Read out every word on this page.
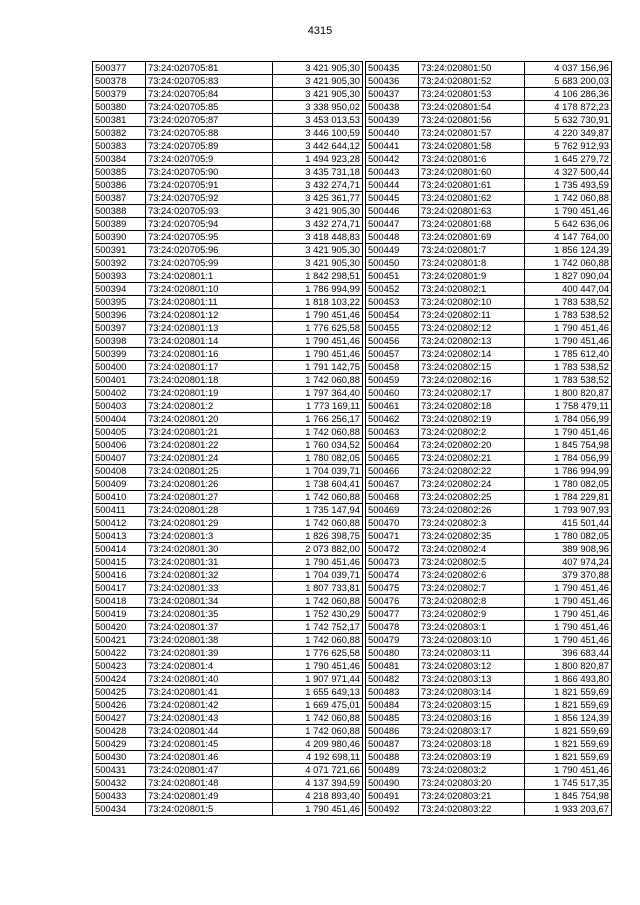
4315
500377	73:24:020705:81	3 421 905,30
500378	73:24:020705:83	3 421 905,30
500379	73:24:020705:84	3 421 905,30
500380	73:24:020705:85	3 338 950,02
500381	73:24:020705:87	3 453 013,53
500382	73:24:020705:88	3 446 100,59
500383	73:24:020705:89	3 442 644,12
500384	73:24:020705:9	1 494 923,28
500385	73:24:020705:90	3 435 731,18
500386	73:24:020705:91	3 432 274,71
500387	73:24:020705:92	3 425 361,77
500388	73:24:020705:93	3 421 905,30
500389	73:24:020705:94	3 432 274,71
500390	73:24:020705:95	3 418 448,83
500391	73:24:020705:96	3 421 905,30
500392	73:24:020705:99	3 421 905,30
500393	73:24:020801:1	1 842 298,51
500394	73:24:020801:10	1 786 994,99
500395	73:24:020801:11	1 818 103,22
500396	73:24:020801:12	1 790 451,46
500397	73:24:020801:13	1 776 625,58
500398	73:24:020801:14	1 790 451,46
500399	73:24:020801:16	1 790 451,46
500400	73:24:020801:17	1 791 142,75
500401	73:24:020801:18	1 742 060,88
500402	73:24:020801:19	1 797 364,40
500403	73:24:020801:2	1 773 169,11
500404	73:24:020801:20	1 766 256,17
500405	73:24:020801:21	1 742 060,88
500406	73:24:020801:22	1 760 034,52
500407	73:24:020801:24	1 780 082,05
500408	73:24:020801:25	1 704 039,71
500409	73:24:020801:26	1 738 604,41
500410	73:24:020801:27	1 742 060,88
500411	73:24:020801:28	1 735 147,94
500412	73:24:020801:29	1 742 060,88
500413	73:24:020801:3	1 826 398,75
500414	73:24:020801:30	2 073 882,00
500415	73:24:020801:31	1 790 451,46
500416	73:24:020801:32	1 704 039,71
500417	73:24:020801:33	1 807 733,81
500418	73:24:020801:34	1 742 060,88
500419	73:24:020801:35	1 752 430,29
500420	73:24:020801:37	1 742 752,17
500421	73:24:020801:38	1 742 060,88
500422	73:24:020801:39	1 776 625,58
500423	73:24:020801:4	1 790 451,46
500424	73:24:020801:40	1 907 971,44
500425	73:24:020801:41	1 655 649,13
500426	73:24:020801:42	1 669 475,01
500427	73:24:020801:43	1 742 060,88
500428	73:24:020801:44	1 742 060,88
500429	73:24:020801:45	4 209 980,46
500430	73:24:020801:46	4 192 698,11
500431	73:24:020801:47	4 071 721,66
500432	73:24:020801:48	4 137 394,59
500433	73:24:020801:49	4 218 893,40
500434	73:24:020801:5	1 790 451,46
500435	73:24:020801:50	4 037 156,96
500436	73:24:020801:52	5 683 200,03
500437	73:24:020801:53	4 106 286,36
500438	73:24:020801:54	4 178 872,23
500439	73:24:020801:56	5 632 730,91
500440	73:24:020801:57	4 220 349,87
500441	73:24:020801:58	5 762 912,93
500442	73:24:020801:6	1 645 279,72
500443	73:24:020801:60	4 327 500,44
500444	73:24:020801:61	1 735 493,59
500445	73:24:020801:62	1 742 060,88
500446	73:24:020801:63	1 790 451,46
500447	73:24:020801:68	5 642 636,06
500448	73:24:020801:69	4 147 764,00
500449	73:24:020801:7	1 856 124,39
500450	73:24:020801:8	1 742 060,88
500451	73:24:020801:9	1 827 090,04
500452	73:24:020802:1	400 447,04
500453	73:24:020802:10	1 783 538,52
500454	73:24:020802:11	1 783 538,52
500455	73:24:020802:12	1 790 451,46
500456	73:24:020802:13	1 790 451,46
500457	73:24:020802:14	1 785 612,40
500458	73:24:020802:15	1 783 538,52
500459	73:24:020802:16	1 783 538,52
500460	73:24:020802:17	1 800 820,87
500461	73:24:020802:18	1 758 479,11
500462	73:24:020802:19	1 784 056,99
500463	73:24:020802:2	1 790 451,46
500464	73:24:020802:20	1 845 754,98
500465	73:24:020802:21	1 784 056,99
500466	73:24:020802:22	1 786 994,99
500467	73:24:020802:24	1 780 082,05
500468	73:24:020802:25	1 784 229,81
500469	73:24:020802:26	1 793 907,93
500470	73:24:020802:3	415 501,44
500471	73:24:020802:35	1 780 082,05
500472	73:24:020802:4	389 908,96
500473	73:24:020802:5	407 974,24
500474	73:24:020802:6	379 370,88
500475	73:24:020802:7	1 790 451,46
500476	73:24:020802:8	1 790 451,46
500477	73:24:020802:9	1 790 451,46
500478	73:24:020803:1	1 790 451,46
500479	73:24:020803:10	1 790 451,46
500480	73:24:020803:11	396 683,44
500481	73:24:020803:12	1 800 820,87
500482	73:24:020803:13	1 866 493,80
500483	73:24:020803:14	1 821 559,69
500484	73:24:020803:15	1 821 559,69
500485	73:24:020803:16	1 856 124,39
500486	73:24:020803:17	1 821 559,69
500487	73:24:020803:18	1 821 559,69
500488	73:24:020803:19	1 821 559,69
500489	73:24:020803:2	1 790 451,46
500490	73:24:020803:20	1 745 517,35
500491	73:24:020803:21	1 845 754,98
500492	73:24:020803:22	1 933 203,67
